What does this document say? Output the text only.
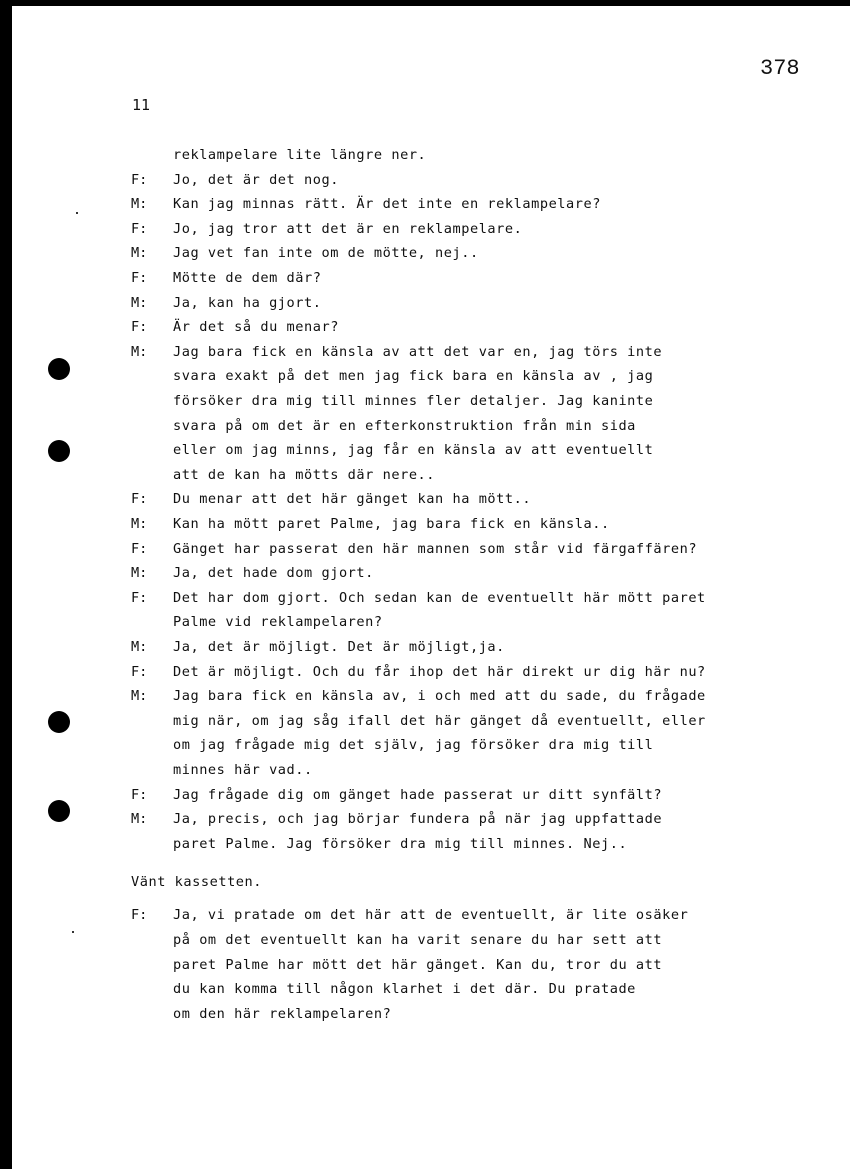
378
11
reklampelare lite längre ner.
F: Jo, det är det nog.
M: Kan jag minnas rätt. Är det inte en reklampelare?
F: Jo, jag tror att det är en reklampelare.
M: Jag vet fan inte om de mötte, nej..
F: Mötte de dem där?
M: Ja, kan ha gjort.
F: Är det så du menar?
M: Jag bara fick en känsla av att det var en, jag törs inte
svara exakt på det men jag fick bara en känsla av , jag
försöker dra mig till minnes fler detaljer. Jag kaninte
svara på om det är en efterkonstruktion från min sida
eller om jag minns, jag får en känsla av att eventuellt
att de kan ha mötts där nere..
F: Du menar att det här gänget kan ha mött..
M: Kan ha mött paret Palme, jag bara fick en känsla..
F: Gänget har passerat den här mannen som står vid färgaffären?
M: Ja, det hade dom gjort.
F: Det har dom gjort. Och sedan kan de eventuellt här mött paret
Palme vid reklampelaren?
M: Ja, det är möjligt. Det är möjligt,ja.
F: Det är möjligt. Och du får ihop det här direkt ur dig här nu?
M: Jag bara fick en känsla av, i och med att du sade, du frågade
mig när, om jag såg ifall det här gänget då eventuellt, eller
om jag frågade mig det själv, jag försöker dra mig till
minnes här vad..
F: Jag frågade dig om gänget hade passerat ur ditt synfält?
M: Ja, precis, och jag börjar fundera på när jag uppfattade
paret Palme. Jag försöker dra mig till minnes. Nej..
Vänt kassetten.
F: Ja, vi pratade om det här att de eventuellt, är lite osäker
på om det eventuellt kan ha varit senare du har sett att
paret Palme har mött det här gänget. Kan du, tror du att
du kan komma till någon klarhet i det där. Du pratade
om den här reklampelaren?
